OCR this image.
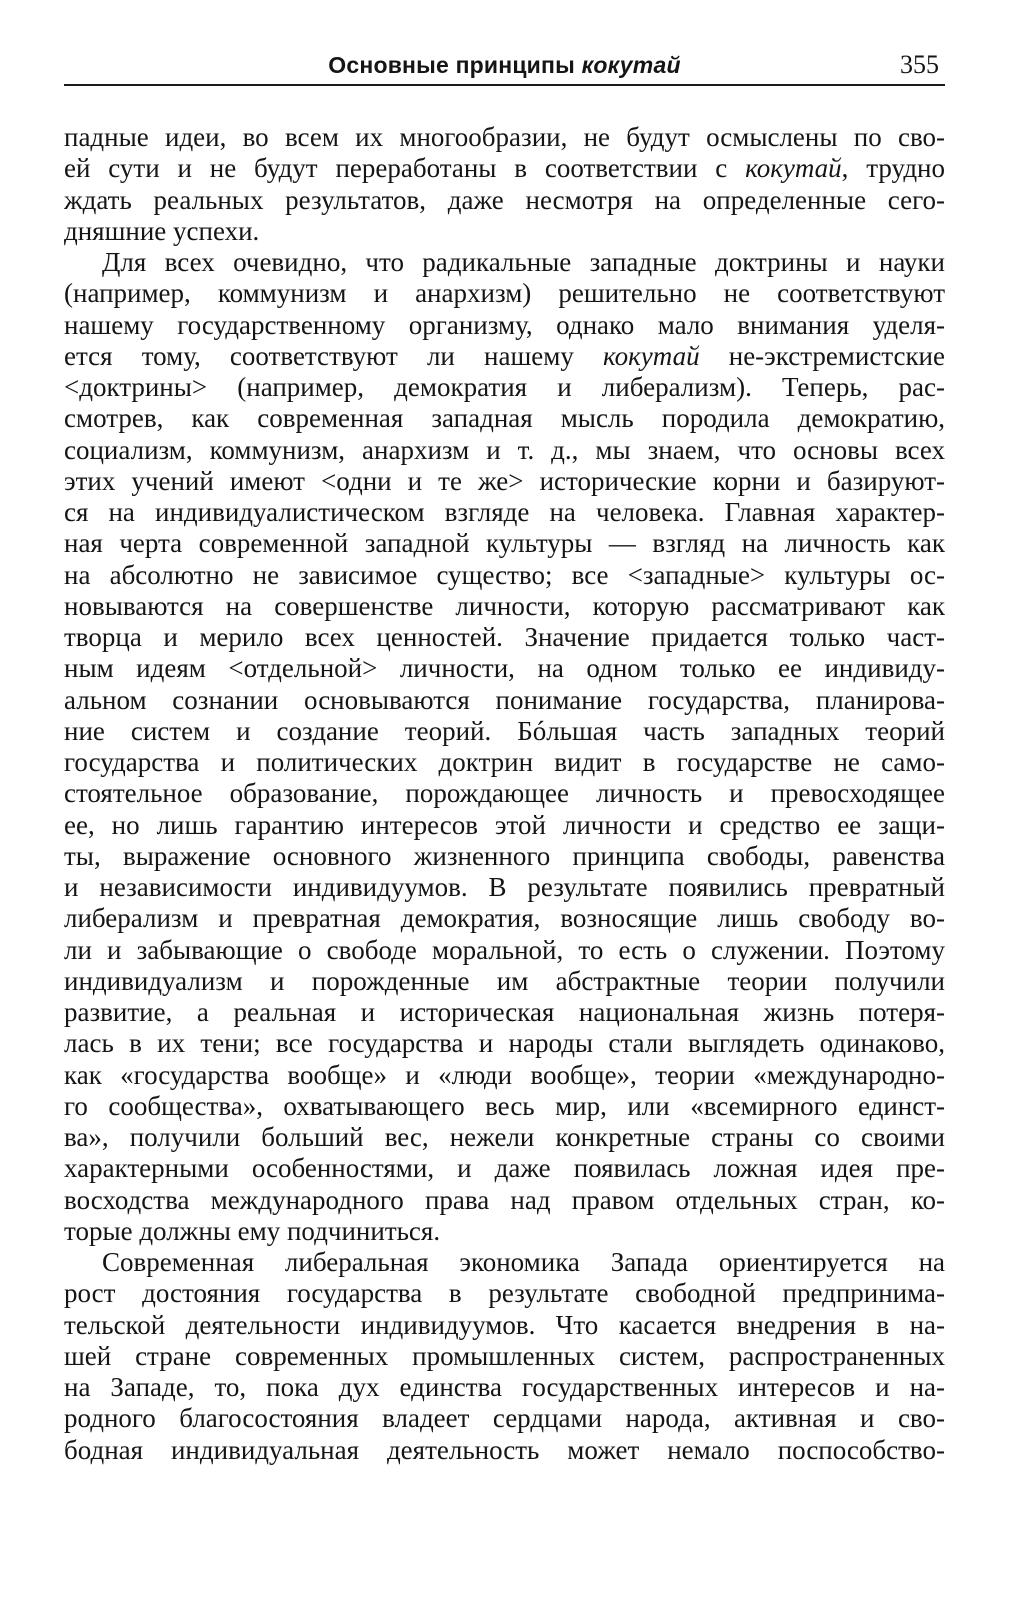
Основные принципы кокутай	355
падные идеи, во всем их многообразии, не будут осмыслены по сво-
ей сути и не будут переработаны в соответствии с кокутай, трудно
ждать реальных результатов, даже несмотря на определенные сего-
дняшние успехи.
Для всех очевидно, что радикальные западные доктрины и науки
(например, коммунизм и анархизм) решительно не соответствуют
нашему государственному организму, однако мало внимания уделя-
ется тому, соответствуют ли нашему кокутай не-экстремистские
<доктрины> (например, демократия и либерализм). Теперь, рас-
смотрев, как современная западная мысль породила демократию,
социализм, коммунизм, анархизм и т. д., мы знаем, что основы всех
этих учений имеют <одни и те же> исторические корни и базируют-
ся на индивидуалистическом взгляде на человека. Главная характер-
ная черта современной западной культуры — взгляд на личность как
на абсолютно не зависимое существо; все <западные> культуры ос-
новываются на совершенстве личности, которую рассматривают как
творца и мерило всех ценностей. Значение придается только част-
ным идеям <отдельной> личности, на одном только ее индивиду-
альном сознании основываются понимание государства, планирова-
ние систем и создание теорий. Бóльшая часть западных теорий
государства и политических доктрин видит в государстве не само-
стоятельное образование, порождающее личность и превосходящее
ее, но лишь гарантию интересов этой личности и средство ее защи-
ты, выражение основного жизненного принципа свободы, равенства
и независимости индивидуумов. В результате появились превратный
либерализм и превратная демократия, возносящие лишь свободу во-
ли и забывающие о свободе моральной, то есть о служении. Поэтому
индивидуализм и порожденные им абстрактные теории получили
развитие, а реальная и историческая национальная жизнь потеря-
лась в их тени; все государства и народы стали выглядеть одинаково,
как «государства вообще» и «люди вообще», теории «международно-
го сообщества», охватывающего весь мир, или «всемирного единст-
ва», получили больший вес, нежели конкретные страны со своими
характерными особенностями, и даже появилась ложная идея пре-
восходства международного права над правом отдельных стран, ко-
торые должны ему подчиниться.
Современная либеральная экономика Запада ориентируется на
рост достояния государства в результате свободной предпринима-
тельской деятельности индивидуумов. Что касается внедрения в на-
шей стране современных промышленных систем, распространенных
на Западе, то, пока дух единства государственных интересов и на-
родного благосостояния владеет сердцами народа, активная и сво-
бодная индивидуальная деятельность может немало поспособство-
